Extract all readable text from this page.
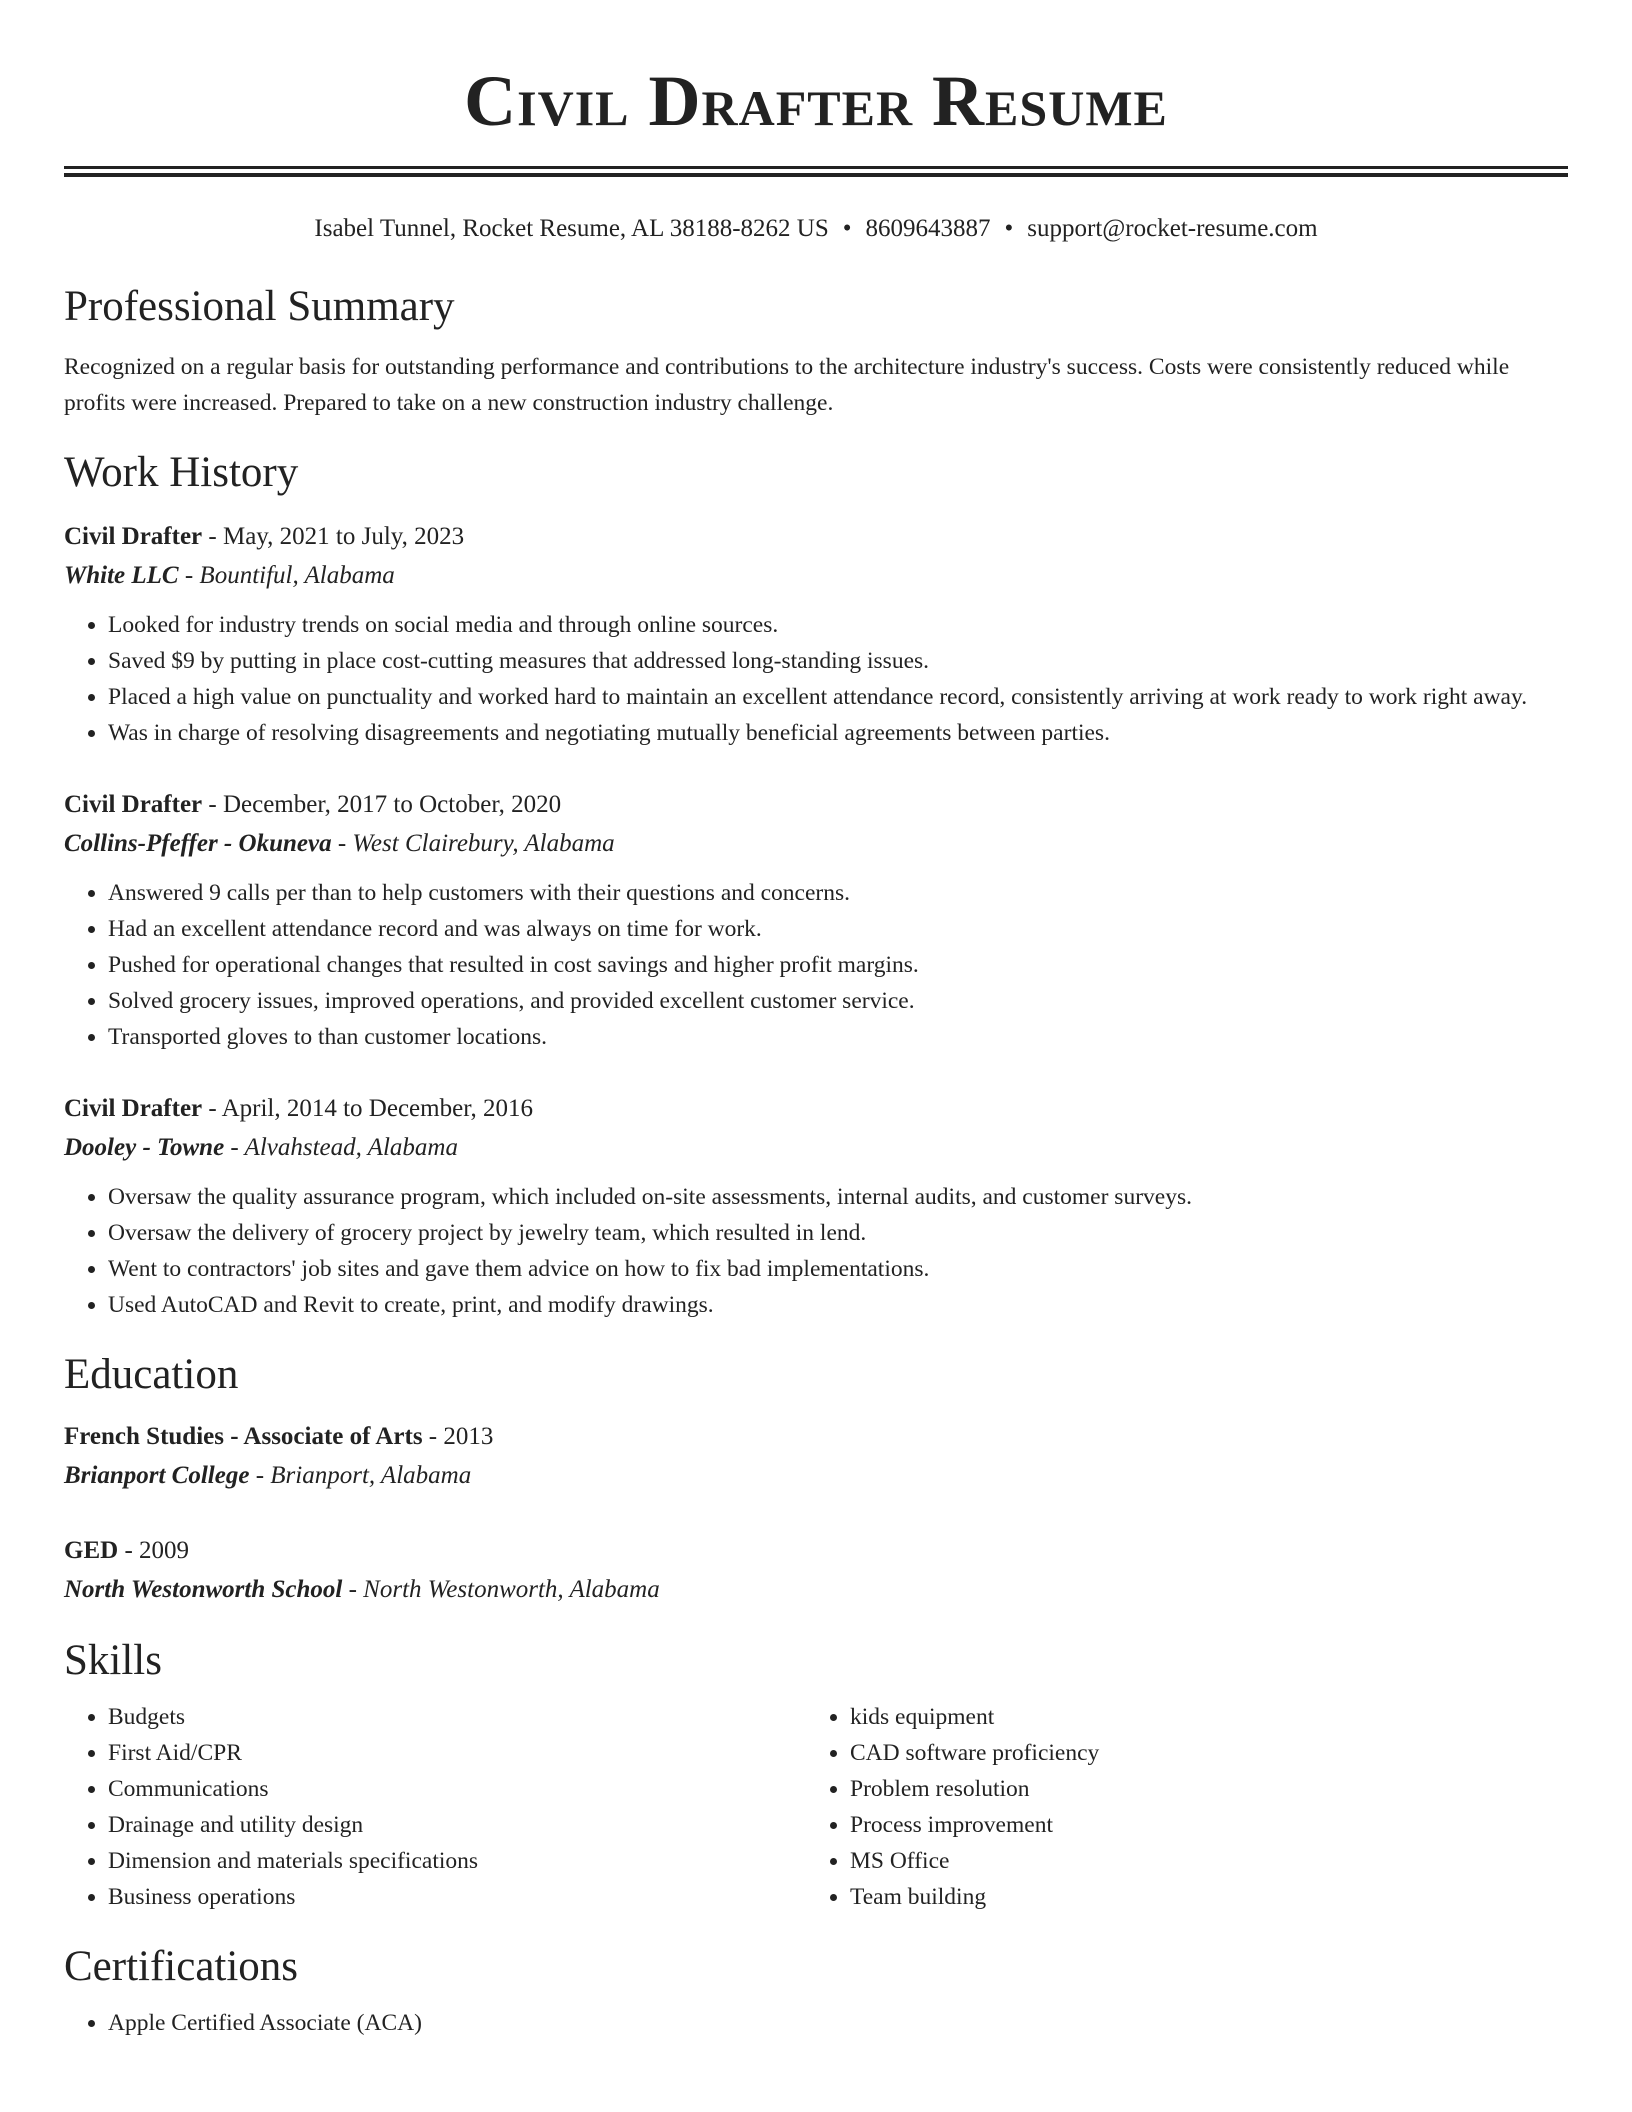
Civil Drafter Resume
Isabel Tunnel, Rocket Resume, AL 38188-8262 US • 8609643887 • support@rocket-resume.com
Professional Summary

Recognized on a regular basis for outstanding performance and contributions to the architecture industry's success. Costs were consistently reduced while profits were increased. Prepared to take on a new construction industry challenge.

Work History
Civil Drafter - May, 2021 to July, 2023
White LLC - Bountiful, Alabama
• Looked for industry trends on social media and through online sources.
• Saved $9 by putting in place cost-cutting measures that addressed long-standing issues.
• Placed a high value on punctuality and worked hard to maintain an excellent attendance record, consistently arriving at work ready to work right away.
• Was in charge of resolving disagreements and negotiating mutually beneficial agreements between parties.
Civil Drafter - December, 2017 to October, 2020
Collins-Pfeffer - Okuneva - West Clairebury, Alabama
• Answered 9 calls per than to help customers with their questions and concerns.
• Had an excellent attendance record and was always on time for work.
• Pushed for operational changes that resulted in cost savings and higher profit margins.
• Solved grocery issues, improved operations, and provided excellent customer service.
• Transported gloves to than customer locations.
Civil Drafter - April, 2014 to December, 2016
Dooley - Towne - Alvahstead, Alabama
• Oversaw the quality assurance program, which included on-site assessments, internal audits, and customer surveys.
• Oversaw the delivery of grocery project by jewelry team, which resulted in lend.
• Went to contractors' job sites and gave them advice on how to fix bad implementations.
• Used AutoCAD and Revit to create, print, and modify drawings.
Education
French Studies - Associate of Arts - 2013
Brianport College - Brianport, Alabama
GED - 2009
North Westonworth School - North Westonworth, Alabama
Skills
• Budgets
• First Aid/CPR
• Communications
• Drainage and utility design
• Dimension and materials specifications
• Business operations
• kids equipment
• CAD software proficiency
• Problem resolution
• Process improvement
• MS Office
• Team building
Certifications
• Apple Certified Associate (ACA)
